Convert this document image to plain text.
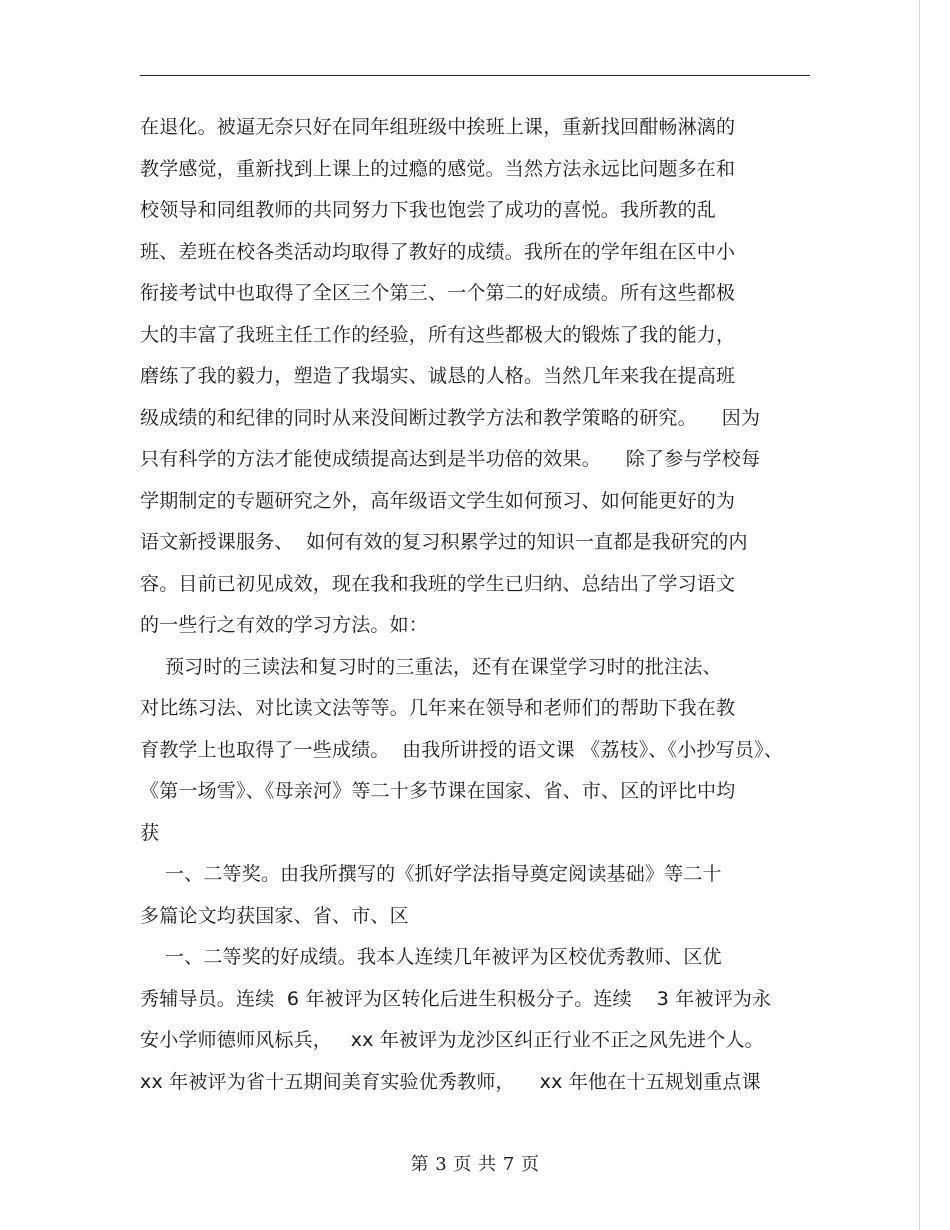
在退化。被逼无奈只好在同年组班级中挨班上课，重新找回酣畅淋漓的
教学感觉，重新找到上课上的过瘾的感觉。当然方法永远比问题多在和
校领导和同组教师的共同努力下我也饱尝了成功的喜悦。我所教的乱
班、差班在校各类活动均取得了教好的成绩。我所在的学年组在区中小
衔接考试中也取得了全区三个第三、一个第二的好成绩。所有这些都极
大的丰富了我班主任工作的经验，所有这些都极大的锻炼了我的能力，
磨练了我的毅力，塑造了我塌实、诚恳的人格。当然几年来我在提高班
级成绩的和纪律的同时从来没间断过教学方法和教学策略的研究。    因为
只有科学的方法才能使成绩提高达到是半功倍的效果。    除了参与学校每
学期制定的专题研究之外，高年级语文学生如何预习、如何能更好的为
语文新授课服务、  如何有效的复习积累学过的知识一直都是我研究的内
容。目前已初见成效，现在我和我班的学生已归纳、总结出了学习语文
的一些行之有效的学习方法。如：
预习时的三读法和复习时的三重法，还有在课堂学习时的批注法、
对比练习法、对比读文法等等。几年来在领导和老师们的帮助下我在教
育教学上也取得了一些成绩。  由我所讲授的语文课 《荔枝》、《小抄写员》、
《第一场雪》、《母亲河》等二十多节课在国家、省、市、区的评比中均
获
一、二等奖。由我所撰写的《抓好学法指导奠定阅读基础》等二十
多篇论文均获国家、省、市、区
一、二等奖的好成绩。我本人连续几年被评为区校优秀教师、区优
秀辅导员。连续  6 年被评为区转化后进生积极分子。连续    3 年被评为永
安小学师德师风标兵，   xx 年被评为龙沙区纠正行业不正之风先进个人。
xx 年被评为省十五期间美育实验优秀教师，    xx 年他在十五规划重点课
第 3 页 共 7 页
